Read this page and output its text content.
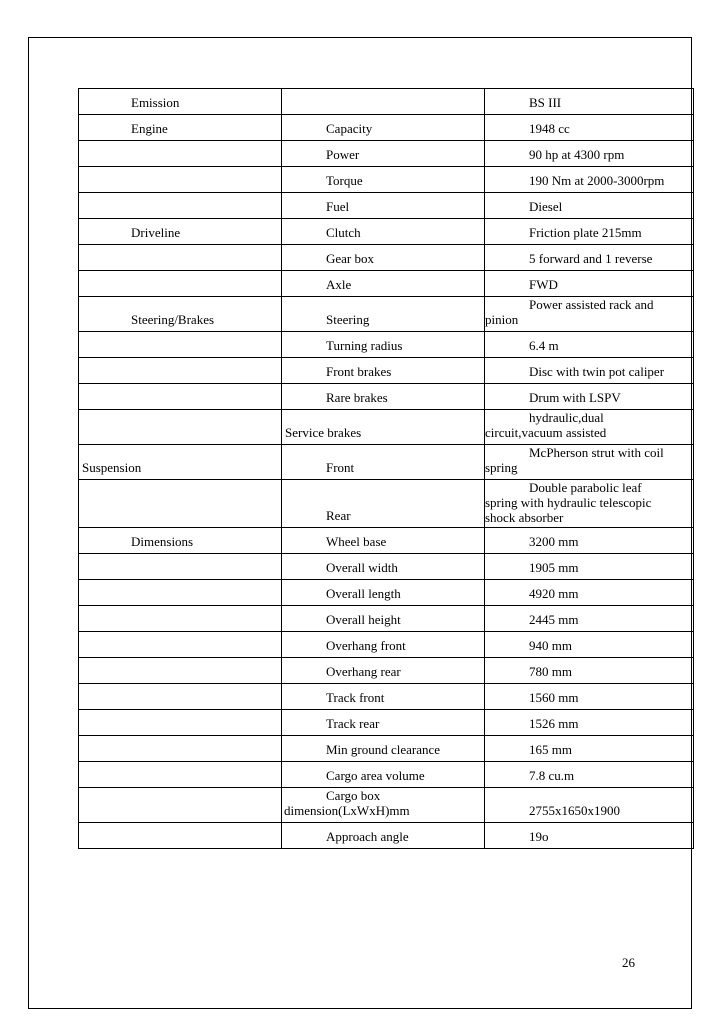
Emission		BS III

Engine	Capacity	1948 cc

	Power	90 hp at 4300 rpm

	Torque	190 Nm at 2000-3000rpm

	Fuel	Diesel

Driveline	Clutch	Friction plate 215mm

	Gear box	5 forward and 1 reverse

	Axle	FWD

Steering/Brakes	Steering	Power assisted rack and
pinion

	Turning radius	6.4 m

	Front brakes	Disc with twin pot caliper

	Rare brakes	Drum with LSPV

	Service brakes	hydraulic,dual
circuit,vacuum assisted

Suspension	Front	McPherson strut with coil
spring

	Rear	Double parabolic leaf
spring with hydraulic telescopic
shock absorber

Dimensions	Wheel base	3200 mm

	Overall width	1905 mm

	Overall length	4920 mm

	Overall height	2445 mm

	Overhang front	940 mm

	Overhang rear	780 mm

	Track front	1560 mm

	Track rear	1526 mm

	Min ground clearance	165 mm

	Cargo area volume	7.8 cu.m

	Cargo box
dimension(LxWxH)mm	2755x1650x1900

	Approach angle	19o
26
